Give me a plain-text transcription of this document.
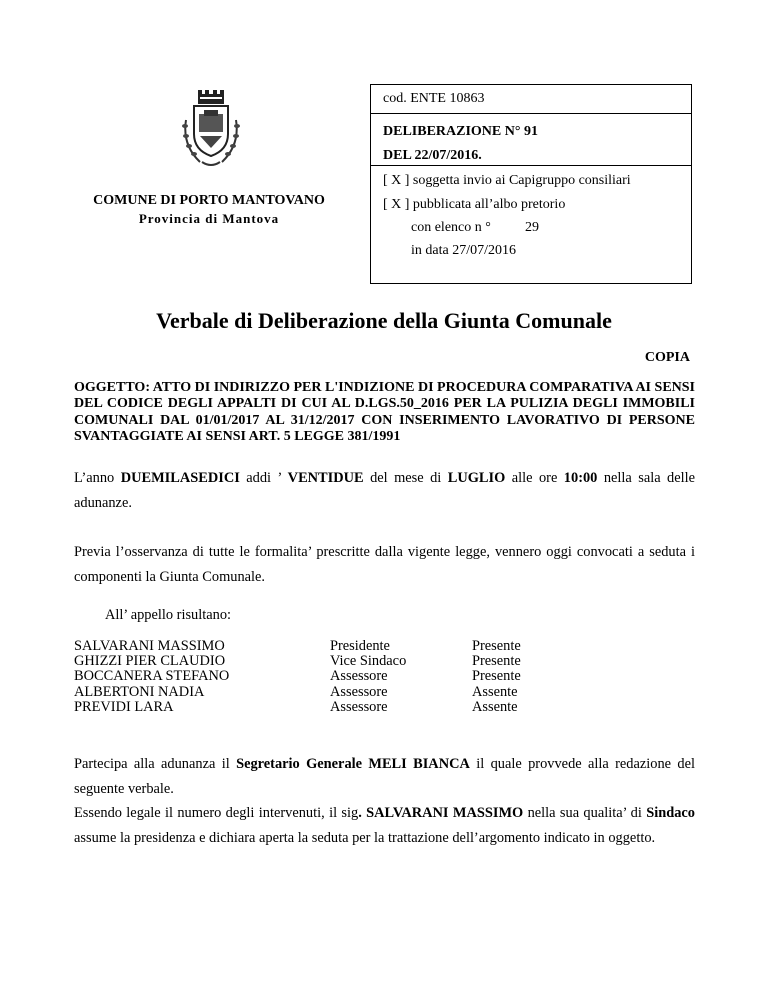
COMUNE DI PORTO MANTOVANO
Provincia di Mantova
cod. ENTE 10863
DELIBERAZIONE N° 91
DEL 22/07/2016.
[ X ] soggetta invio ai Capigruppo consiliari
[ X ] pubblicata all’albo pretorio
con elenco n ° 29
in data 27/07/2016
Verbale di Deliberazione della Giunta Comunale
COPIA
OGGETTO: ATTO DI INDIRIZZO PER L'INDIZIONE DI PROCEDURA COMPARATIVA AI SENSI DEL CODICE DEGLI APPALTI DI CUI AL D.LGS.50_2016 PER LA PULIZIA DEGLI IMMOBILI COMUNALI DAL 01/01/2017 AL 31/12/2017 CON INSERIMENTO LAVORATIVO DI PERSONE SVANTAGGIATE AI SENSI ART. 5 LEGGE 381/1991
L’anno DUEMILASEDICI addi ’ VENTIDUE del mese di LUGLIO alle ore 10:00 nella sala delle adunanze.
Previa l’osservanza di tutte le formalita’ prescritte dalla vigente legge, vennero oggi convocati a seduta i componenti la Giunta Comunale.
All’ appello risultano:
SALVARANI MASSIMO	Presidente	Presente
GHIZZI PIER CLAUDIO	Vice Sindaco	Presente
BOCCANERA STEFANO	Assessore	Presente
ALBERTONI NADIA	Assessore	Assente
PREVIDI LARA	Assessore	Assente
Partecipa alla adunanza il Segretario Generale MELI BIANCA il quale provvede alla redazione del seguente verbale.
Essendo legale il numero degli intervenuti, il sig. SALVARANI MASSIMO nella sua qualita’ di Sindaco assume la presidenza e dichiara aperta la seduta per la trattazione dell’argomento indicato in oggetto.
